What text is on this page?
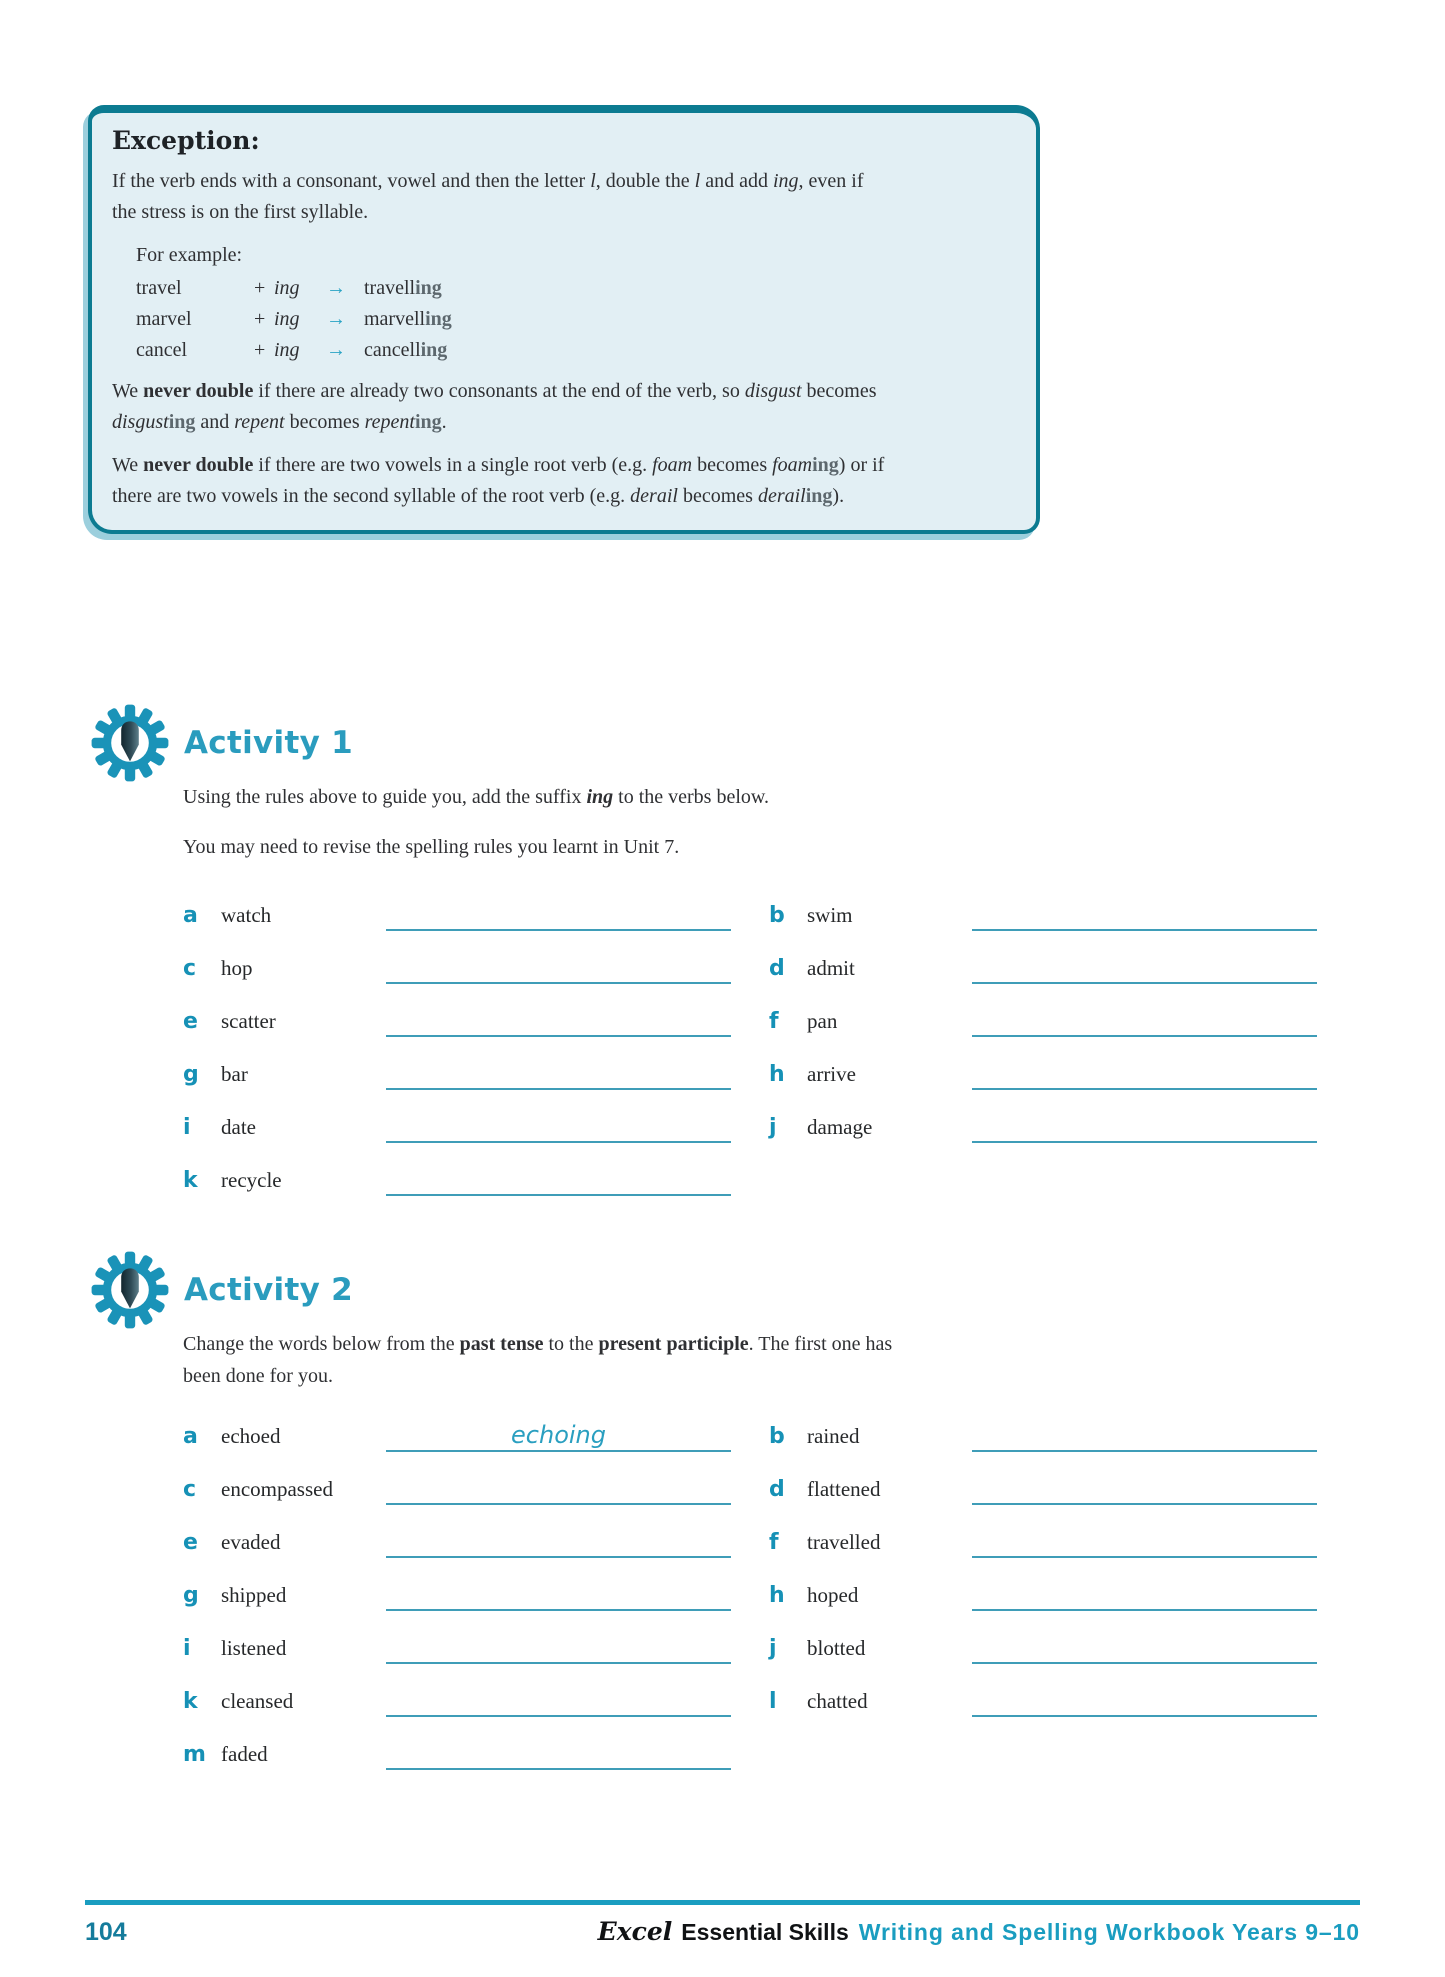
Exception:

If the verb ends with a consonant, vowel and then the letter l, double the l and add ing, even if
the stress is on the first syllable.

For example:
travel	+ ing	→ travelling
marvel	+ ing	→ marvelling
cancel	+ ing	→ cancelling

We never double if there are already two consonants at the end of the verb, so disgust becomes
disgusting and repent becomes repenting.

We never double if there are two vowels in a single root verb (e.g. foam becomes foaming) or if
there are two vowels in the second syllable of the root verb (e.g. derail becomes derailing).

Activity 1

Using the rules above to guide you, add the suffix ing to the verbs below.

You may need to revise the spelling rules you learnt in Unit 7.

a	watch	b	swim
c	hop	d	admit
e	scatter	f	pan
g	bar	h	arrive
i	date	j	damage
k	recycle
Activity 2

Change the words below from the past tense to the present participle. The first one has
been done for you.

a	echoed	echoing	b	rained
c	encompassed	d	flattened
e	evaded	f	travelled
g	shipped	h	hoped
i	listened	j	blotted
k	cleansed	l	chatted
m faded
104	Excel Essential Skills Writing and Spelling Workbook Years 9–10
